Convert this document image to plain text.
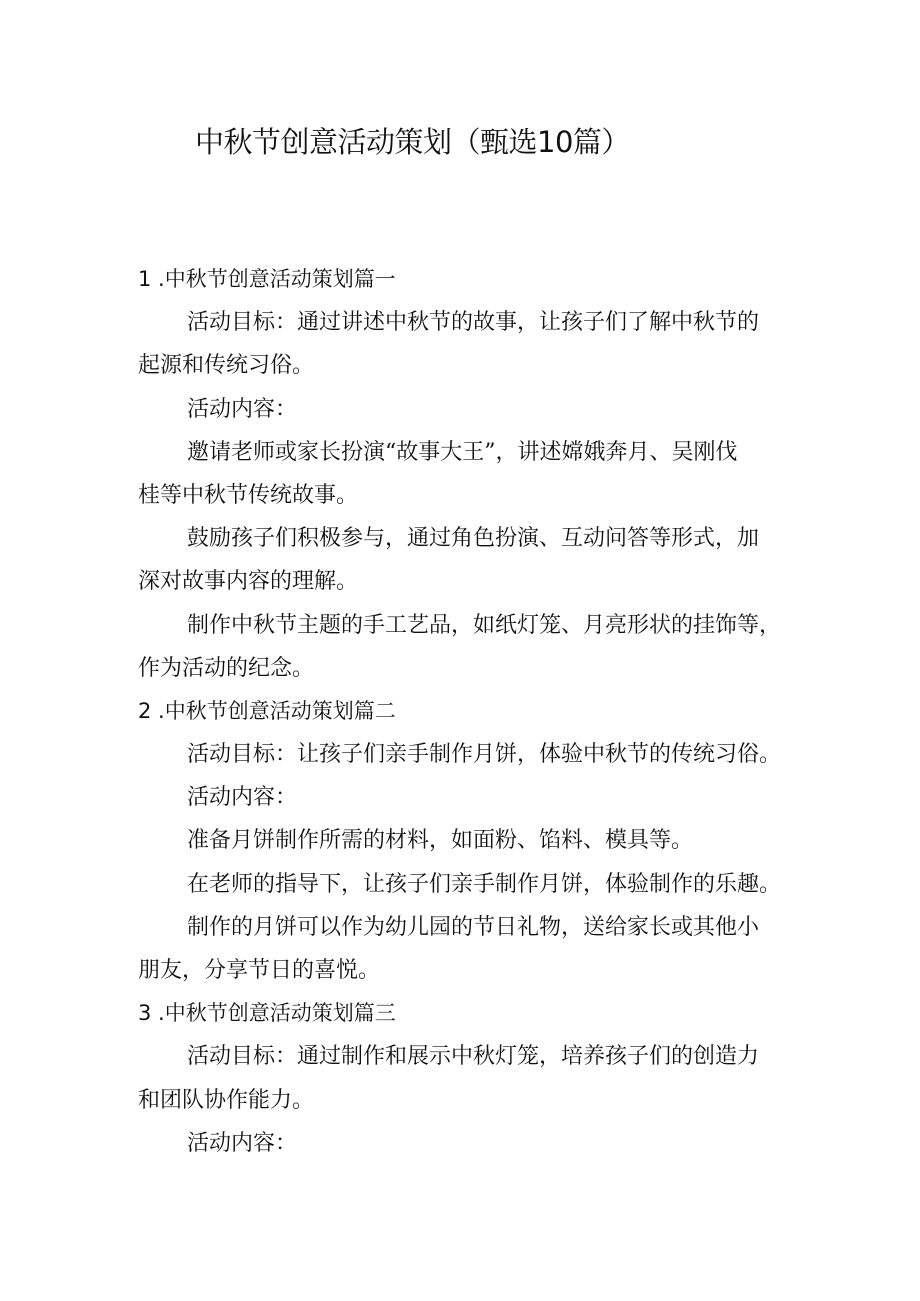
中秋节创意活动策划（甄选10篇）
1 .中秋节创意活动策划篇一
活动目标：通过讲述中秋节的故事，让孩子们了解中秋节的
起源和传统习俗。
活动内容：
邀请老师或家长扮演“故事大王”，讲述嫦娥奔月、吴刚伐
桂等中秋节传统故事。
鼓励孩子们积极参与，通过角色扮演、互动问答等形式，加
深对故事内容的理解。
制作中秋节主题的手工艺品，如纸灯笼、月亮形状的挂饰等，
作为活动的纪念。
2 .中秋节创意活动策划篇二
活动目标：让孩子们亲手制作月饼，体验中秋节的传统习俗。
活动内容：
准备月饼制作所需的材料，如面粉、馅料、模具等。
在老师的指导下，让孩子们亲手制作月饼，体验制作的乐趣。
制作的月饼可以作为幼儿园的节日礼物，送给家长或其他小
朋友，分享节日的喜悦。
3 .中秋节创意活动策划篇三
活动目标：通过制作和展示中秋灯笼，培养孩子们的创造力
和团队协作能力。
活动内容：
